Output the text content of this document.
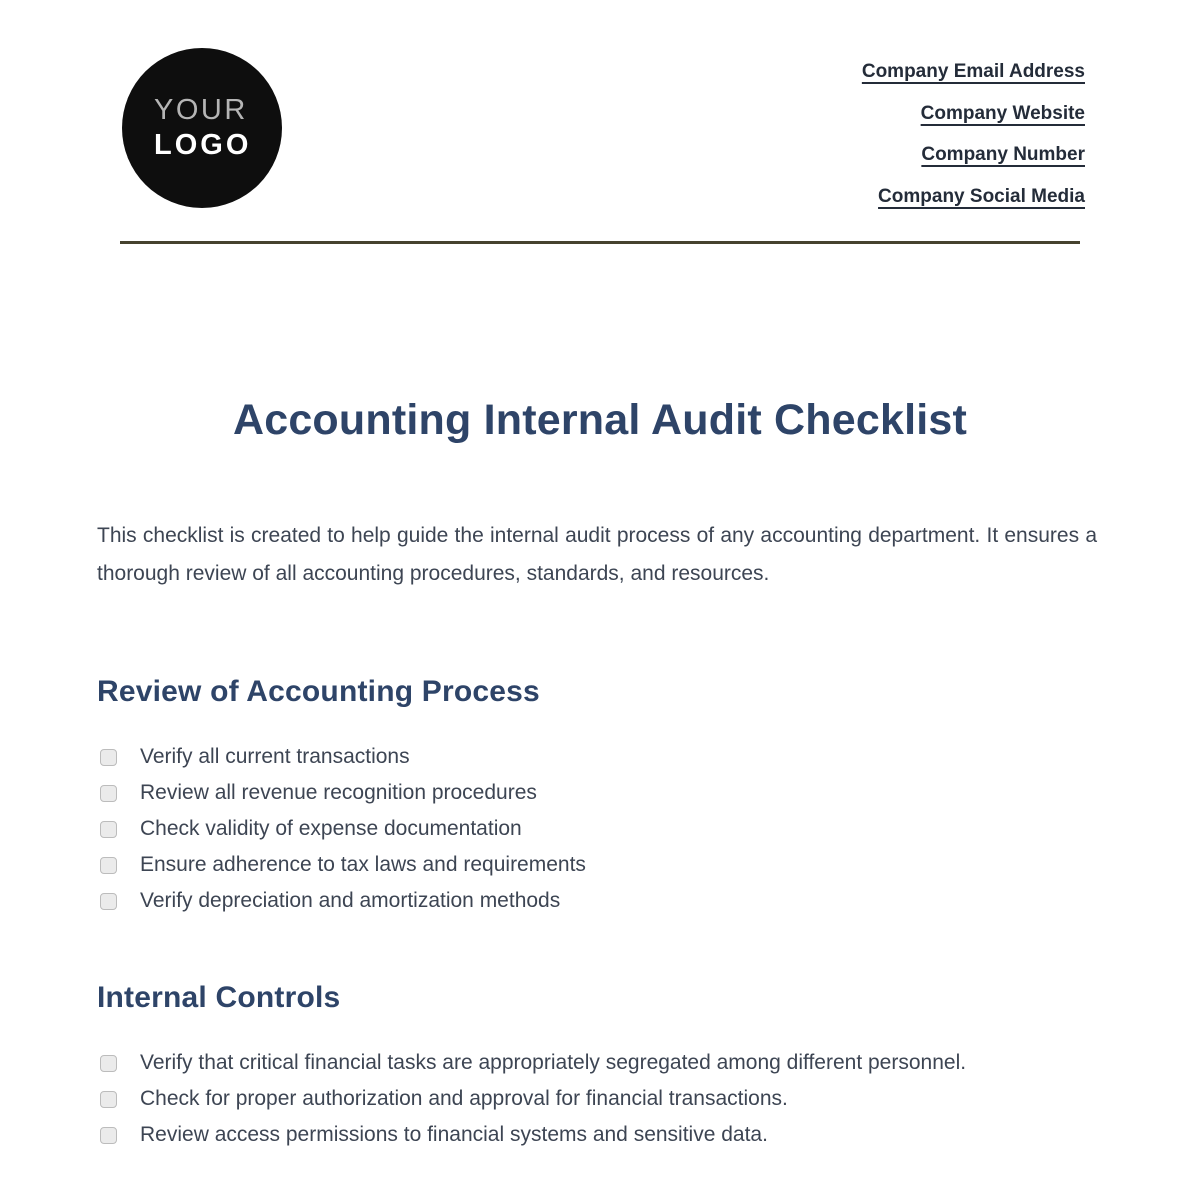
YOUR
LOGO
Company Email Address
Company Website
Company Number
Company Social Media
Accounting Internal Audit Checklist

This checklist is created to help guide the internal audit process of any accounting department. It ensures a thorough review of all accounting procedures, standards, and resources.

Review of Accounting Process
Verify all current transactions
Review all revenue recognition procedures
Check validity of expense documentation
Ensure adherence to tax laws and requirements
Verify depreciation and amortization methods
Internal Controls
Verify that critical financial tasks are appropriately segregated among different personnel.
Check for proper authorization and approval for financial transactions.
Review access permissions to financial systems and sensitive data.
